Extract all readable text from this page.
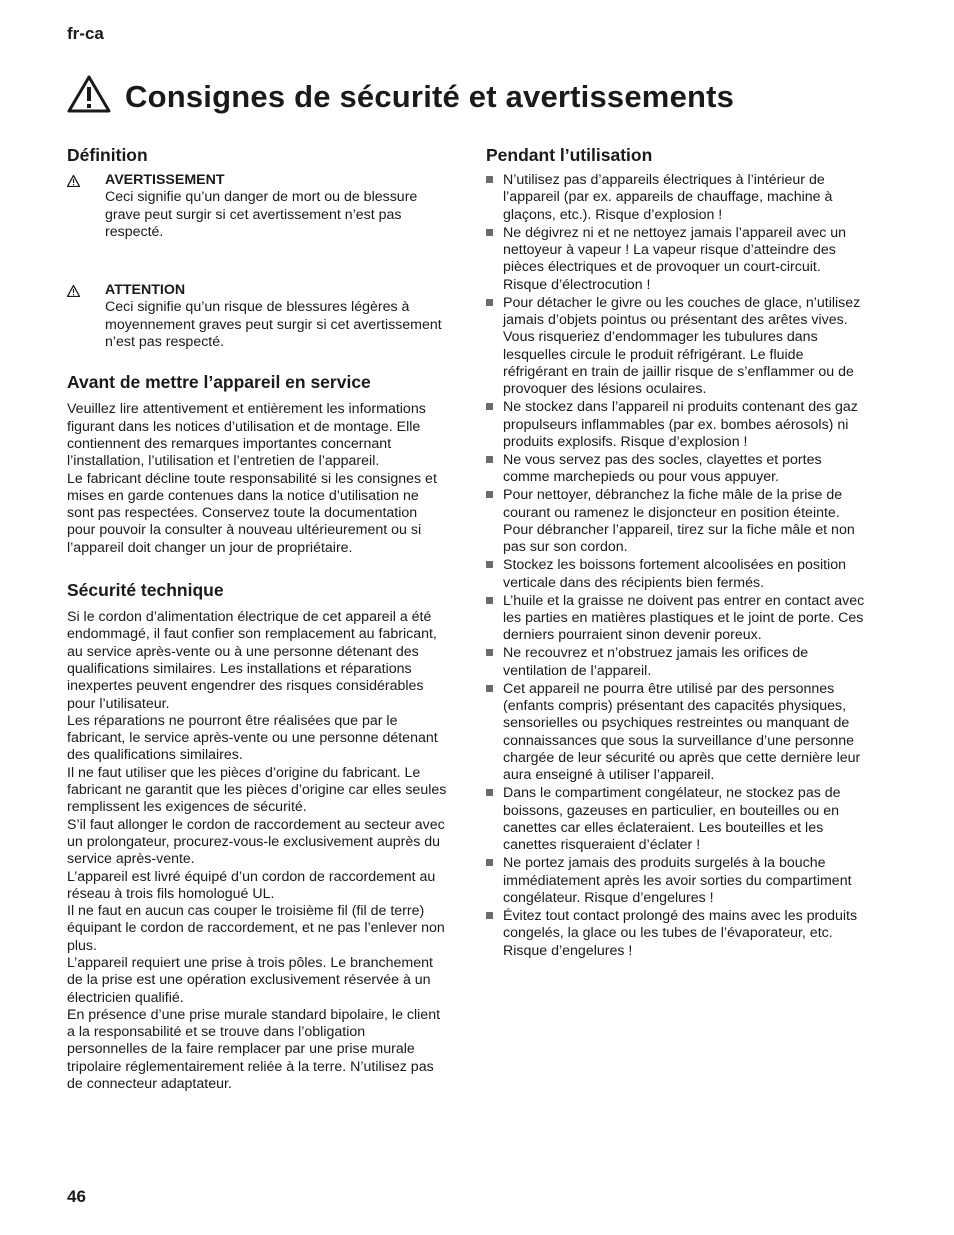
fr-ca
Consignes de sécurité et avertissements
Définition
AVERTISSEMENT

Ceci signifie qu’un danger de mort ou de blessure grave peut surgir si cet avertissement n’est pas respecté.

ATTENTION

Ceci signifie qu’un risque de blessures légères à moyennement graves peut surgir si cet avertissement n’est pas respecté.

Avant de mettre l’appareil en service

Veuillez lire attentivement et entièrement les informations figurant dans les notices d’utilisation et de montage. Elle contiennent des remarques importantes concernant l’installation, l’utilisation et l’entretien de l’appareil.

Le fabricant décline toute responsabilité si les consignes et mises en garde contenues dans la notice d’utilisation ne sont pas respectées. Conservez toute la documentation pour pouvoir la consulter à nouveau ultérieurement ou si l’appareil doit changer un jour de propriétaire.

Sécurité technique

Si le cordon d’alimentation électrique de cet appareil a été endommagé, il faut confier son remplacement au fabricant, au service après-vente ou à une personne détenant des qualifications similaires. Les installations et réparations inexpertes peuvent engendrer des risques considérables pour l’utilisateur.

Les réparations ne pourront être réalisées que par le fabricant, le service après-vente ou une personne détenant des qualifications similaires.

Il ne faut utiliser que les pièces d’origine du fabricant. Le fabricant ne garantit que les pièces d’origine car elles seules remplissent les exigences de sécurité.

S’il faut allonger le cordon de raccordement au secteur avec un prolongateur, procurez-vous-le exclusivement auprès du service après-vente.

L’appareil est livré équipé d’un cordon de raccordement au réseau à trois fils homologué UL.

Il ne faut en aucun cas couper le troisième fil (fil de terre) équipant le cordon de raccordement, et ne pas l’enlever non plus.

L’appareil requiert une prise à trois pôles. Le branchement de la prise est une opération exclusivement réservée à un électricien qualifié.

En présence d’une prise murale standard bipolaire, le client a la responsabilité et se trouve dans l’obligation personnelles de la faire remplacer par une prise murale tripolaire réglementairement reliée à la terre. N’utilisez pas de connecteur adaptateur.

Pendant l’utilisation
N’utilisez pas d’appareils électriques à l’intérieur de l’appareil (par ex. appareils de chauffage, machine à glaçons, etc.). Risque d’explosion !
Ne dégivrez ni et ne nettoyez jamais l’appareil avec un nettoyeur à vapeur ! La vapeur risque d’atteindre des pièces électriques et de provoquer un court-circuit. Risque d’électrocution !
Pour détacher le givre ou les couches de glace, n’utilisez jamais d’objets pointus ou présentant des arêtes vives. Vous risqueriez d’endommager les tubulures dans lesquelles circule le produit réfrigérant. Le fluide réfrigérant en train de jaillir risque de s’enflammer ou de provoquer des lésions oculaires.
Ne stockez dans l’appareil ni produits contenant des gaz propulseurs inflammables (par ex. bombes aérosols) ni produits explosifs. Risque d’explosion !
Ne vous servez pas des socles, clayettes et portes comme marchepieds ou pour vous appuyer.
Pour nettoyer, débranchez la fiche mâle de la prise de courant ou ramenez le disjoncteur en position éteinte. Pour débrancher l’appareil, tirez sur la fiche mâle et non pas sur son cordon.
Stockez les boissons fortement alcoolisées en position verticale dans des récipients bien fermés.
L’huile et la graisse ne doivent pas entrer en contact avec les parties en matières plastiques et le joint de porte. Ces derniers pourraient sinon devenir poreux.
Ne recouvrez et n’obstruez jamais les orifices de ventilation de l’appareil.
Cet appareil ne pourra être utilisé par des personnes (enfants compris) présentant des capacités physiques, sensorielles ou psychiques restreintes ou manquant de connaissances que sous la surveillance d’une personne chargée de leur sécurité ou après que cette dernière leur aura enseigné à utiliser l’appareil.
Dans le compartiment congélateur, ne stockez pas de boissons, gazeuses en particulier, en bouteilles ou en canettes car elles éclateraient. Les bouteilles et les canettes risqueraient d’éclater !
Ne portez jamais des produits surgelés à la bouche immédiatement après les avoir sorties du compartiment congélateur. Risque d’engelures !
Évitez tout contact prolongé des mains avec les produits congelés, la glace ou les tubes de l’évaporateur, etc. Risque d’engelures !
46
